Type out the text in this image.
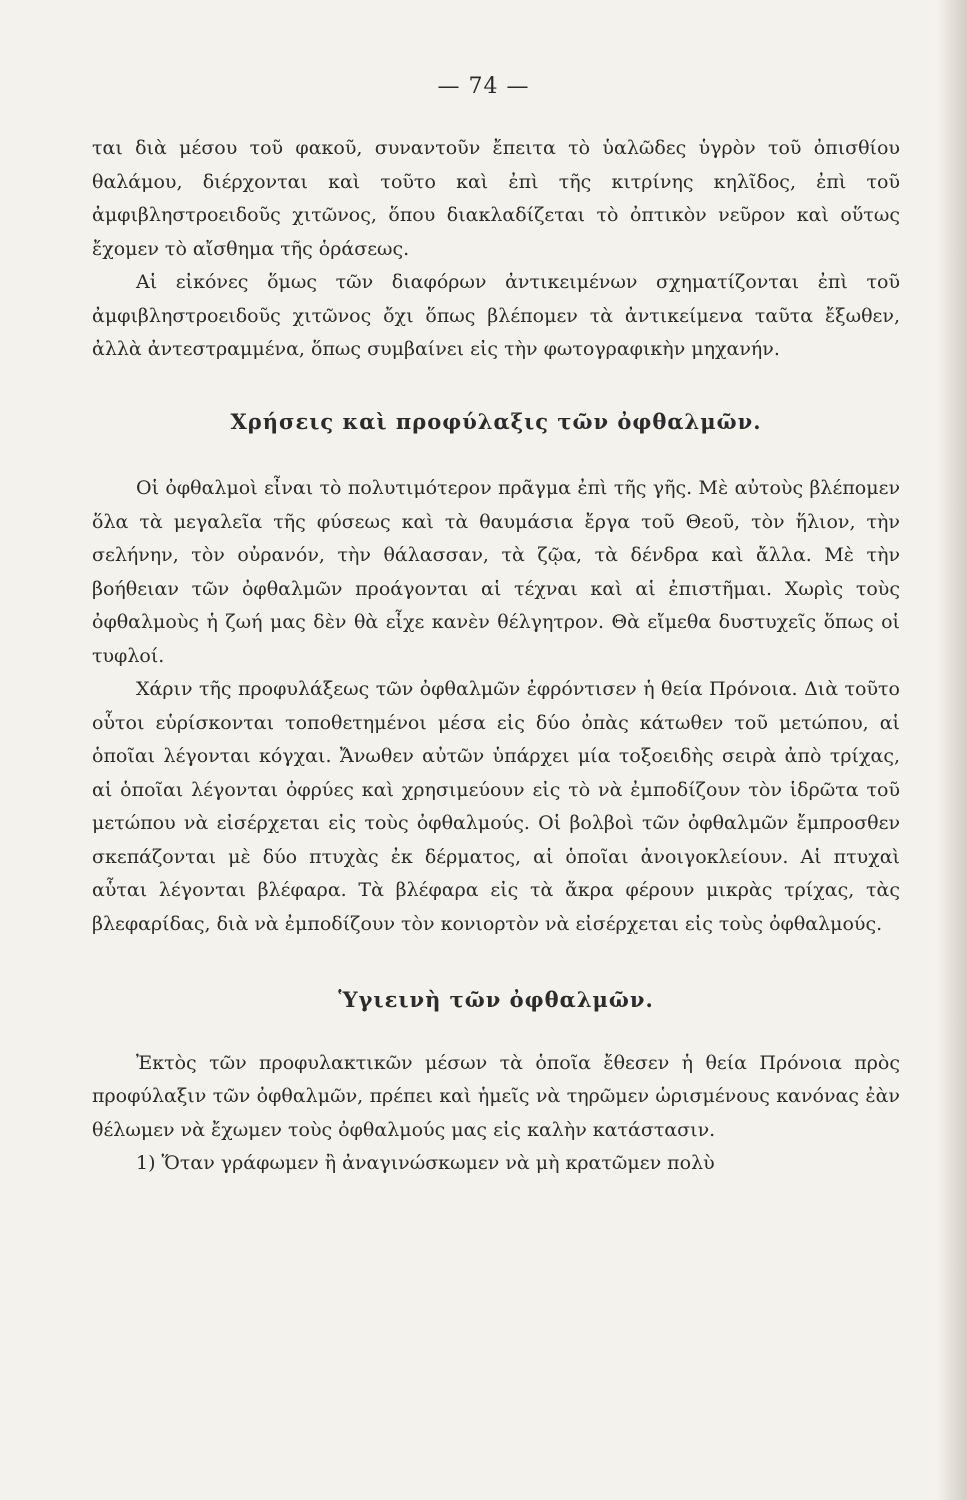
— 74 —

ται διὰ μέσου τοῦ φακοῦ, συναντοῦν ἔπειτα τὸ ὑαλῶδες ὑγρὸν τοῦ ὀπισθίου θαλάμου, διέρχονται καὶ τοῦτο καὶ ἐπὶ τῆς κιτρίνης κηλῖδος, ἐπὶ τοῦ ἀμφιβληστροειδοῦς χιτῶνος, ὅπου διακλαδίζεται τὸ ὀπτικὸν νεῦρον καὶ οὕτως ἔχομεν τὸ αἴσθημα τῆς ὁράσεως.

Αἱ εἰκόνες ὅμως τῶν διαφόρων ἀντικειμένων σχηματίζονται ἐπὶ τοῦ ἀμφιβληστροειδοῦς χιτῶνος ὄχι ὅπως βλέπομεν τὰ ἀντικείμενα ταῦτα ἔξωθεν, ἀλλὰ ἀντεστραμμένα, ὅπως συμβαίνει εἰς τὴν φωτογραφικὴν μηχανήν.

Χρήσεις καὶ προφύλαξις τῶν ὀφθαλμῶν.

Οἱ ὀφθαλμοὶ εἶναι τὸ πολυτιμότερον πρᾶγμα ἐπὶ τῆς γῆς. Μὲ αὐτοὺς βλέπομεν ὅλα τὰ μεγαλεῖα τῆς φύσεως καὶ τὰ θαυμάσια ἔργα τοῦ Θεοῦ, τὸν ἥλιον, τὴν σελήνην, τὸν οὐρανόν, τὴν θάλασσαν, τὰ ζῷα, τὰ δένδρα καὶ ἄλλα. Μὲ τὴν βοήθειαν τῶν ὀφθαλμῶν προάγονται αἱ τέχναι καὶ αἱ ἐπιστῆμαι. Χωρὶς τοὺς ὀφθαλμοὺς ἡ ζωή μας δὲν θὰ εἶχε κανὲν θέλγητρον. Θὰ εἴμεθα δυστυχεῖς ὅπως οἱ τυφλοί.

Χάριν τῆς προφυλάξεως τῶν ὀφθαλμῶν ἐφρόντισεν ἡ θεία Πρόνοια. Διὰ τοῦτο οὗτοι εὑρίσκονται τοποθετημένοι μέσα εἰς δύο ὀπὰς κάτωθεν τοῦ μετώπου, αἱ ὁποῖαι λέγονται κόγχαι. Ἄνωθεν αὐτῶν ὑπάρχει μία τοξοειδὴς σειρὰ ἀπὸ τρίχας, αἱ ὁποῖαι λέγονται ὀφρύες καὶ χρησιμεύουν εἰς τὸ νὰ ἐμποδίζουν τὸν ἱδρῶτα τοῦ μετώπου νὰ εἰσέρχεται εἰς τοὺς ὀφθαλμούς. Οἱ βολβοὶ τῶν ὀφθαλμῶν ἔμπροσθεν σκεπάζονται μὲ δύο πτυχὰς ἐκ δέρματος, αἱ ὁποῖαι ἀνοιγοκλείουν. Αἱ πτυχαὶ αὗται λέγονται βλέφαρα. Τὰ βλέφαρα εἰς τὰ ἄκρα φέρουν μικρὰς τρίχας, τὰς βλεφαρίδας, διὰ νὰ ἐμποδίζουν τὸν κονιορτὸν νὰ εἰσέρχεται εἰς τοὺς ὀφθαλμούς.

Ὑγιεινὴ τῶν ὀφθαλμῶν.

Ἐκτὸς τῶν προφυλακτικῶν μέσων τὰ ὁποῖα ἔθεσεν ἡ θεία Πρόνοια πρὸς προφύλαξιν τῶν ὀφθαλμῶν, πρέπει καὶ ἡμεῖς νὰ τηρῶμεν ὡρισμένους κανόνας ἐὰν θέλωμεν νὰ ἔχωμεν τοὺς ὀφθαλμούς μας εἰς καλὴν κατάστασιν.

1) Ὅταν γράφωμεν ἢ ἀναγινώσκωμεν νὰ μὴ κρατῶμεν πολὺ
